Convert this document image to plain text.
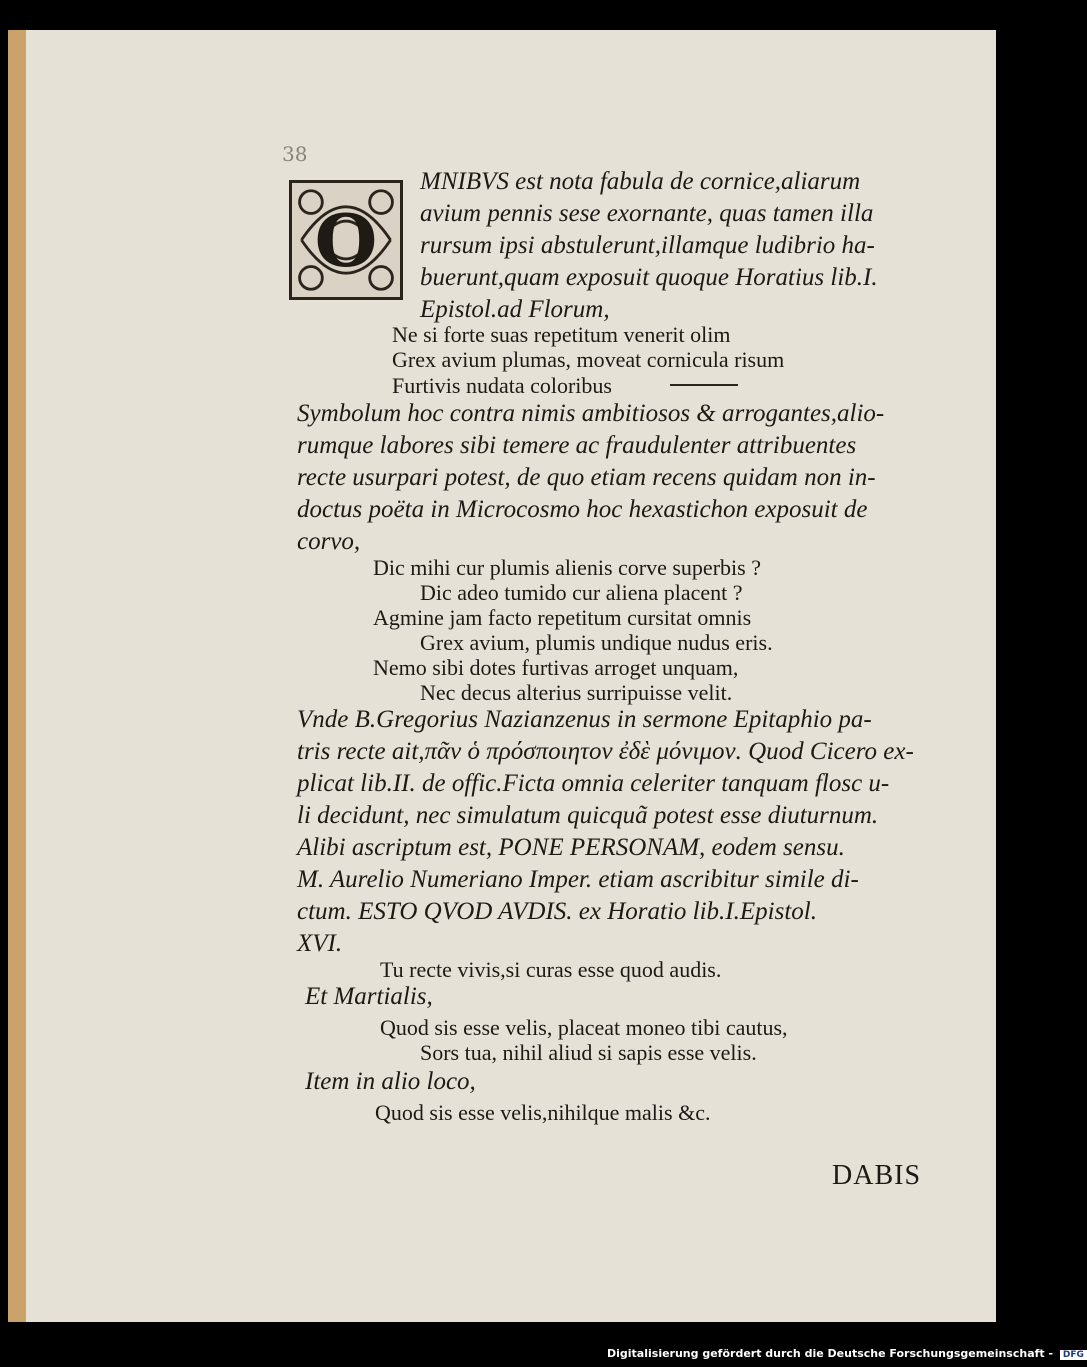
38
O
MNIBVS est nota fabula de cornice,aliarum
avium pennis sese exornante, quas tamen illa
rursum ipsi abstulerunt,illamque ludibrio ha-
buerunt,quam exposuit quoque Horatius lib.I.
Epistol.ad Florum,
Ne si forte suas repetitum venerit olim
Grex avium plumas, moveat cornicula risum
Furtivis nudata coloribus
Symbolum hoc contra nimis ambitiosos & arrogantes,alio-
rumque labores sibi temere ac fraudulenter attribuentes
recte usurpari potest, de quo etiam recens quidam non in-
doctus poëta in Microcosmo hoc hexastichon exposuit de
corvo,
Dic mihi cur plumis alienis corve superbis ?
Dic adeo tumido cur aliena placent ?
Agmine jam facto repetitum cursitat omnis
Grex avium, plumis undique nudus eris.
Nemo sibi dotes furtivas arroget unquam,
Nec decus alterius surripuisse velit.
Vnde B.Gregorius Nazianzenus in sermone Epitaphio pa-
tris recte ait,πᾶν ὁ πρόσποιητον ἐδὲ μόνιμον. Quod Cicero ex-
plicat lib.II. de offic.Ficta omnia celeriter tanquam flosc u-
li decidunt, nec simulatum quicquã potest esse diuturnum.
Alibi ascriptum est, PONE PERSONAM, eodem sensu.
M. Aurelio Numeriano Imper. etiam ascribitur simile di-
ctum. ESTO QVOD AVDIS. ex Horatio lib.I.Epistol.
XVI.
Tu recte vivis,si curas esse quod audis.
Et Martialis,
Quod sis esse velis, placeat moneo tibi cautus,
Sors tua, nihil aliud si sapis esse velis.
Item in alio loco,
Quod sis esse velis,nihilque malis &c.
DABIS
Digitalisierung gefördert durch die Deutsche Forschungsgemeinschaft - DFG
